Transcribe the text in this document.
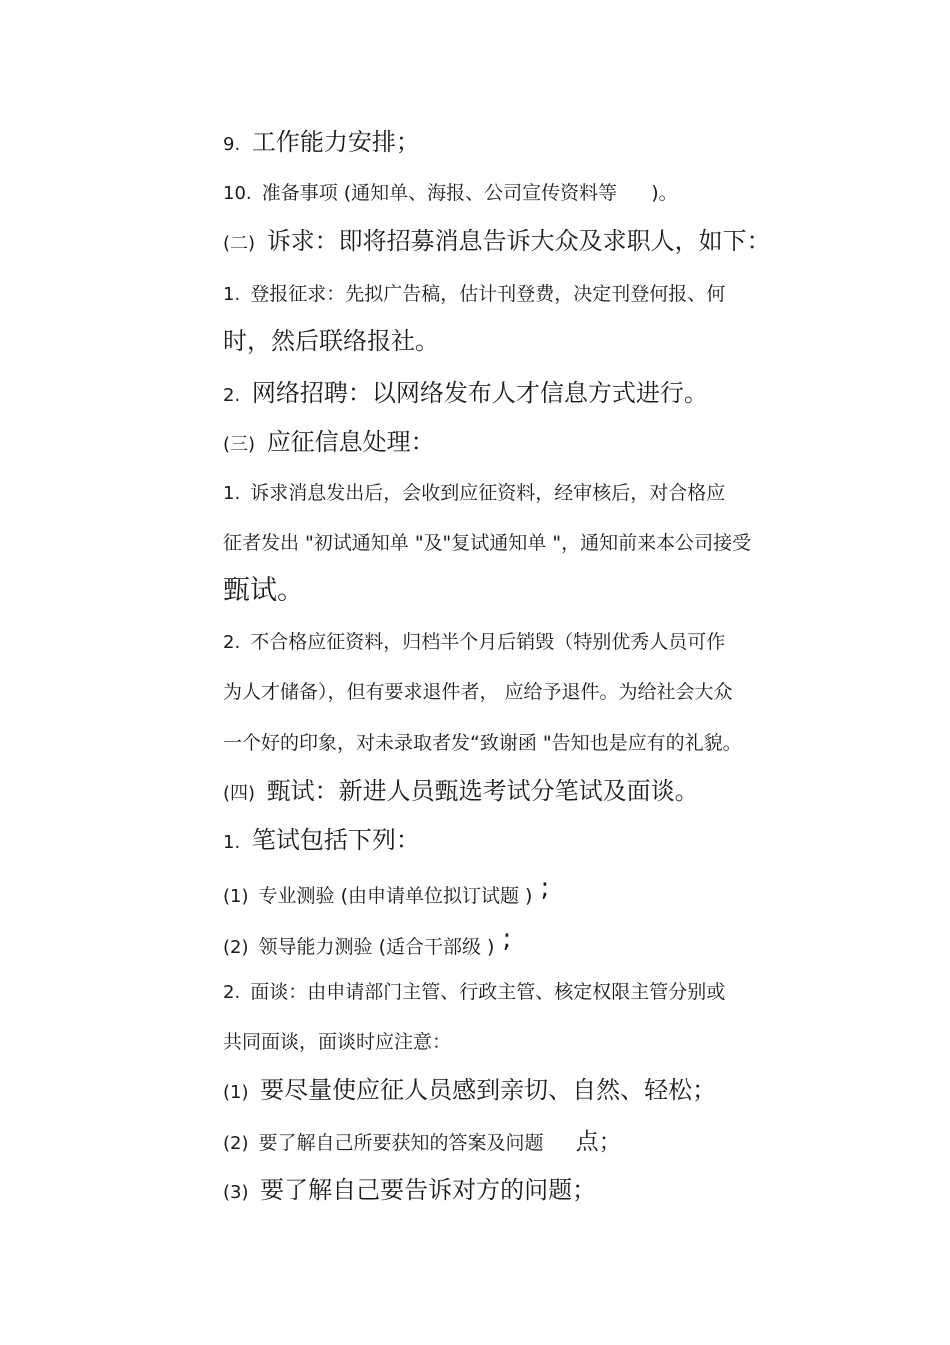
9. 工作能力安排；
10. 准备事项 (通知单、海报、公司宣传资料等 )。
(二) 诉求：即将招募消息告诉大众及求职人，如下：
1. 登报征求：先拟广告稿，估计刊登费，决定刊登何报、何
时，然后联络报社。
2. 网络招聘：以网络发布人才信息方式进行。
(三) 应征信息处理：
1. 诉求消息发出后，会收到应征资料，经审核后，对合格应
征者发出 "初试通知单 "及"复试通知单 "，通知前来本公司接受
甄试。
2. 不合格应征资料，归档半个月后销毁（特别优秀人员可作
为人才储备），但有要求退件者， 应给予退件。为给社会大众
一个好的印象，对未录取者发“致谢函 "告知也是应有的礼貌。
(四) 甄试：新进人员甄选考试分笔试及面谈。
1. 笔试包括下列：
(1) 专业测验 (由申请单位拟订试题 ) ;
(2) 领导能力测验 (适合干部级 ) ;
2. 面谈：由申请部门主管、行政主管、核定权限主管分别或
共同面谈，面谈时应注意：
(1) 要尽量使应征人员感到亲切、自然、轻松；
(2) 要了解自己所要获知的答案及问题 点；
(3) 要了解自己要告诉对方的问题；
